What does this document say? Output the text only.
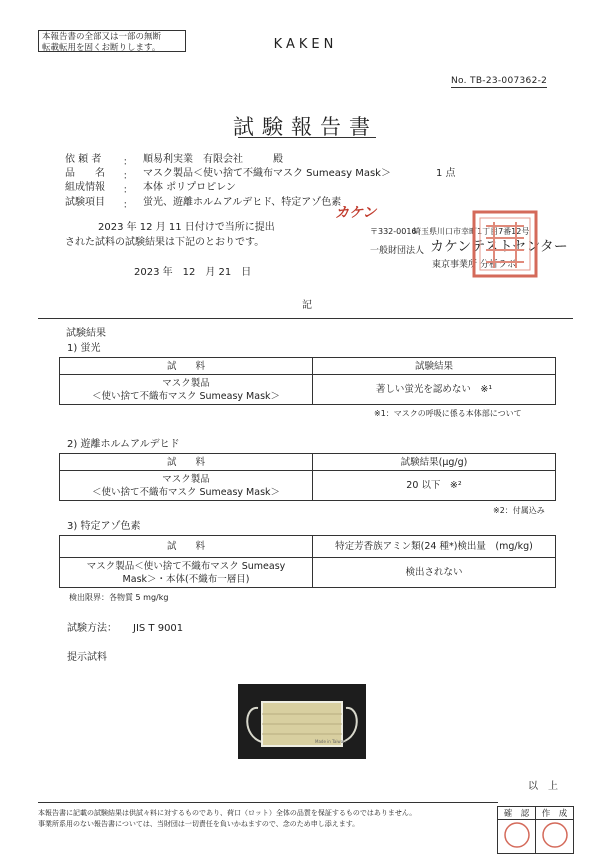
本報告書の全部又は一部の無断
転載転用を固くお断りします。	KAKEN
No. TB-23-007362-2
試験報告書
依 頼 者 ： 順易利実業　有限会社　　　殿
品　　名 ： マスク製品＜使い捨て不織布マスク Sumeasy Mask＞	1 点
組成情報 ： 本体 ポリプロピレン
試験項目 ： 蛍光、遊離ホルムアルデヒド、特定アゾ色素
2023 年 12 月 11 日付けで当所に提出
された試料の試験結果は下記のとおりです。
2023 年　12　月 21　日
カケン
〒332-0016
埼玉県川口市幸町1丁目7番12号
一般財団法人 カケンテストセンター
東京事業所 分析ラボ
記
試験結果
1) 蛍光
試　　料	試験結果

マスク製品
＜使い捨て不織布マスク Sumeasy Mask＞	著しい蛍光を認めない　※¹
※1：マスクの呼吸に係る本体部について
2) 遊離ホルムアルデヒド
試　　料	試験結果(μg/g)

マスク製品
＜使い捨て不織布マスク Sumeasy Mask＞	20 以下　※²
※2：付属込み
3) 特定アゾ色素
試　　料	特定芳香族アミン類(24 種*)検出量　(mg/kg)

マスク製品＜使い捨て不織布マスク Sumeasy
Mask＞・本体(不織布一層目)	検出されない
検出限界：各物質 5 mg/kg
試験方法： JIS T 9001
提示試料
Made in Taiwan
以　上
本報告書に記載の試験結果は供試々料に対するものであり、荷口（ロット）全体の品質を保証するものではありません。
事業所系用のない報告書については、当財団は一切責任を負いかねますので、念のため申し添えます。
確　認	作　成
